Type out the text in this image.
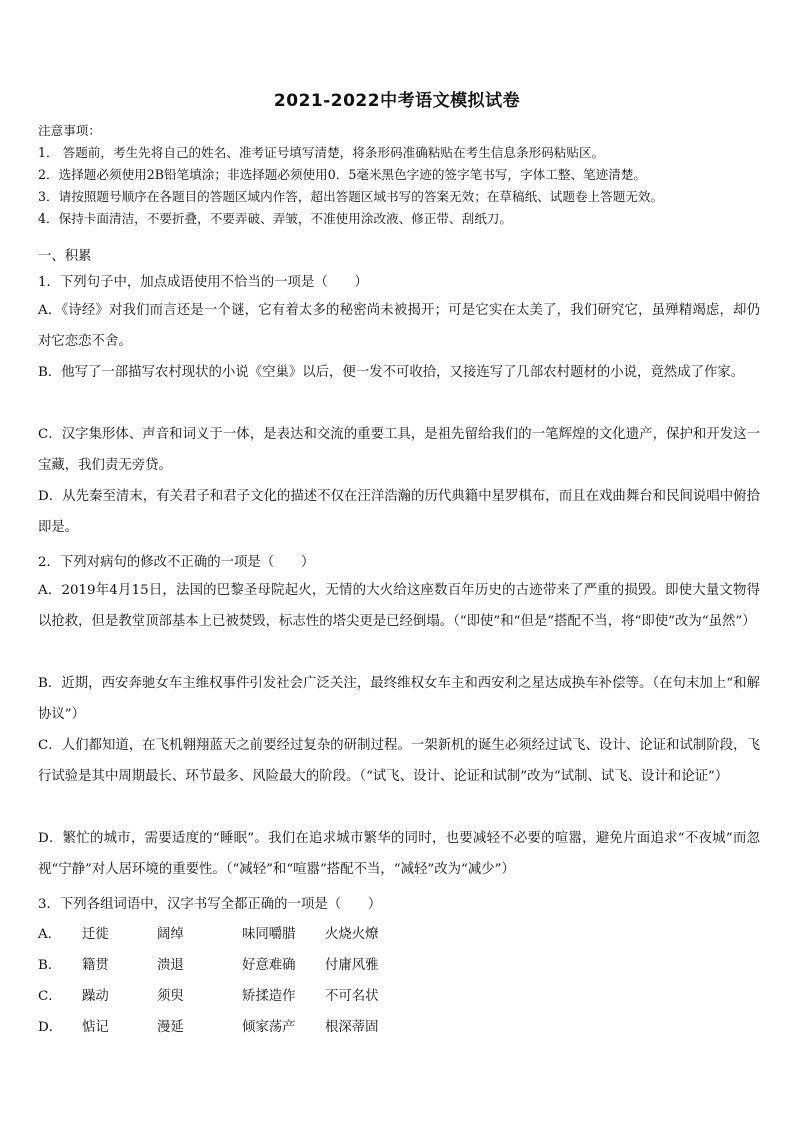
2021-2022中考语文模拟试卷
注意事项：
1． 答题前，考生先将自己的姓名、准考证号填写清楚，将条形码准确粘贴在考生信息条形码粘贴区。
2．选择题必须使用2B铅笔填涂；非选择题必须使用0．5毫米黑色字迹的签字笔书写，字体工整、笔迹清楚。
3．请按照题号顺序在各题目的答题区域内作答，超出答题区域书写的答案无效；在草稿纸、试题卷上答题无效。
4．保持卡面清洁，不要折叠，不要弄破、弄皱，不准使用涂改液、修正带、刮纸刀。
一、积累
1．下列句子中，加点成语使用不恰当的一项是（　　）
A．《诗经》对我们而言还是一个谜，它有着太多的秘密尚未被揭开；可是它实在太美了，我们研究它，虽殚精竭虑，却仍对它恋恋不舍。
B．他写了一部描写农村现状的小说《空巢》以后，便一发不可收拾，又接连写了几部农村题材的小说，竟然成了作家。
C．汉字集形体、声音和词义于一体，是表达和交流的重要工具，是祖先留给我们的一笔辉煌的文化遗产，保护和开发这一宝藏，我们责无旁贷。
D．从先秦至清末，有关君子和君子文化的描述不仅在汪洋浩瀚的历代典籍中星罗棋布，而且在戏曲舞台和民间说唱中俯拾即是。
2．下列对病句的修改不正确的一项是（　　）
A．2019年4月15日，法国的巴黎圣母院起火，无情的大火给这座数百年历史的古迹带来了严重的损毁。即使大量文物得以抢救，但是教堂顶部基本上已被焚毁，标志性的塔尖更是已经倒塌。（“即使”和“但是”搭配不当，将“即使”改为“虽然”）
B．近期，西安奔驰女车主维权事件引发社会广泛关注，最终维权女车主和西安利之星达成换车补偿等。（在句末加上“和解协议”）
C．人们都知道，在飞机翱翔蓝天之前要经过复杂的研制过程。一架新机的诞生必须经过试飞、设计、论证和试制阶段，飞行试验是其中周期最长、环节最多、风险最大的阶段。（“试飞、设计、论证和试制”改为“试制、试飞、设计和论证”）
D．繁忙的城市，需要适度的“睡眠”。我们在追求城市繁华的同时，也要减轻不必要的喧嚣，避免片面追求“不夜城”而忽视“宁静”对人居环境的重要性。（“减轻”和“喧嚣”搭配不当，“减轻”改为“减少”）
3．下列各组词语中，汉字书写全都正确的一项是（　　）
A．	迁徙	阔绰	味同嚼腊	火烧火燎
B．	籍贯	溃退	好意难确	付庸风雅
C．	躁动	须臾	矫揉造作	不可名状
D．	惦记	漫延	倾家荡产	根深蒂固
